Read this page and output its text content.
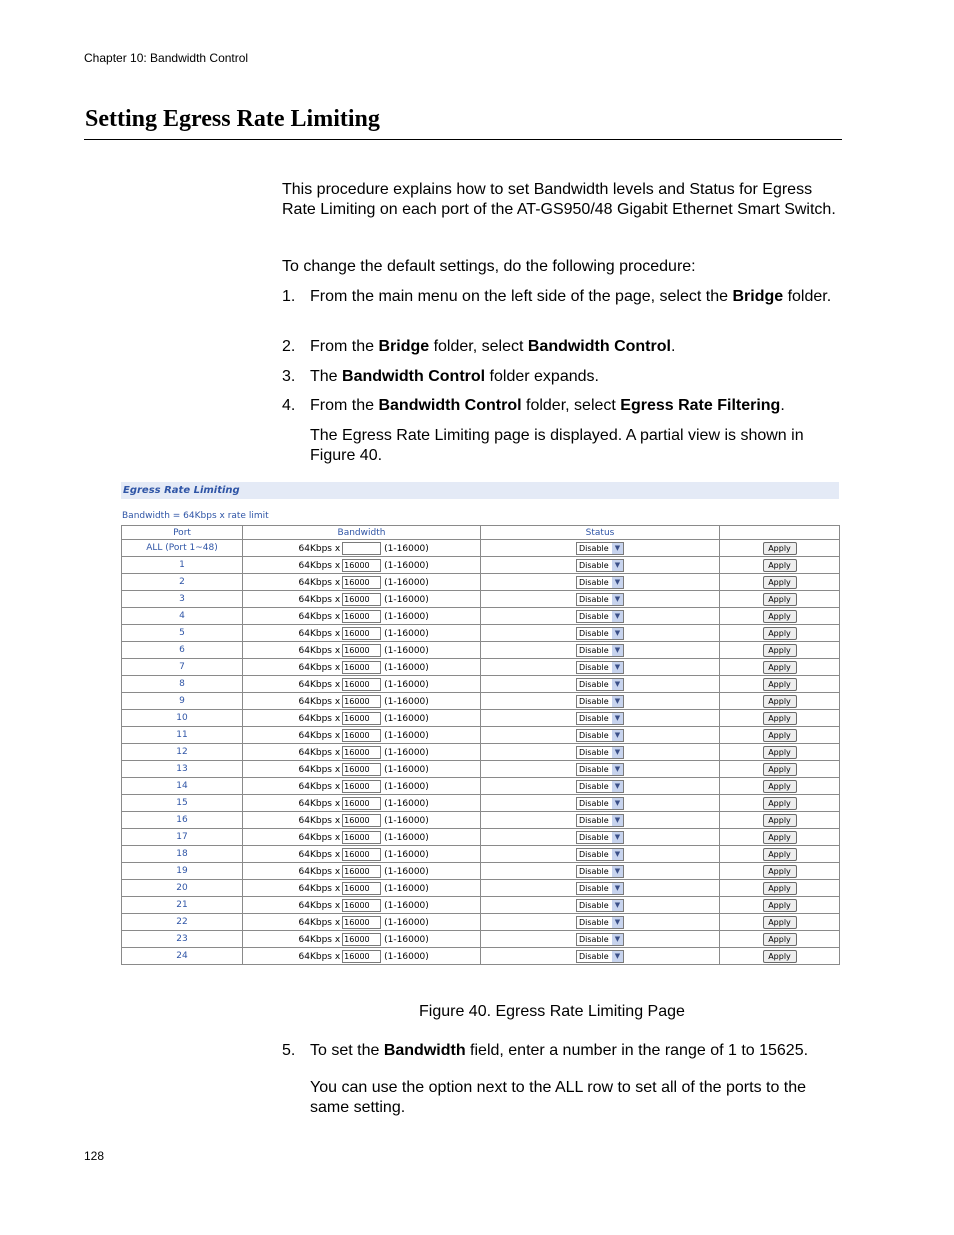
Chapter 10: Bandwidth Control
Setting Egress Rate Limiting

This procedure explains how to set Bandwidth levels and Status for Egress Rate Limiting on each port of the AT-GS950/48 Gigabit Ethernet Smart Switch.

To change the default settings, do the following procedure:

1. From the main menu on the left side of the page, select the Bridge folder.
2. From the Bridge folder, select Bandwidth Control.
3. The Bandwidth Control folder expands.
4. From the Bandwidth Control folder, select Egress Rate Filtering.

The Egress Rate Limiting page is displayed. A partial view is shown in Figure 40.

Egress Rate Limiting
Bandwidth = 64Kbps x rate limit
Port	Bandwidth	Status	
ALL (Port 1~48)	64Kbps x (1-16000)	Disable ▼	Apply
1	64Kbps x 16000 (1-16000)	Disable ▼	Apply
2	64Kbps x 16000 (1-16000)	Disable ▼	Apply
3	64Kbps x 16000 (1-16000)	Disable ▼	Apply
4	64Kbps x 16000 (1-16000)	Disable ▼	Apply
5	64Kbps x 16000 (1-16000)	Disable ▼	Apply
6	64Kbps x 16000 (1-16000)	Disable ▼	Apply
7	64Kbps x 16000 (1-16000)	Disable ▼	Apply
8	64Kbps x 16000 (1-16000)	Disable ▼	Apply
9	64Kbps x 16000 (1-16000)	Disable ▼	Apply
10	64Kbps x 16000 (1-16000)	Disable ▼	Apply
11	64Kbps x 16000 (1-16000)	Disable ▼	Apply
12	64Kbps x 16000 (1-16000)	Disable ▼	Apply
13	64Kbps x 16000 (1-16000)	Disable ▼	Apply
14	64Kbps x 16000 (1-16000)	Disable ▼	Apply
15	64Kbps x 16000 (1-16000)	Disable ▼	Apply
16	64Kbps x 16000 (1-16000)	Disable ▼	Apply
17	64Kbps x 16000 (1-16000)	Disable ▼	Apply
18	64Kbps x 16000 (1-16000)	Disable ▼	Apply
19	64Kbps x 16000 (1-16000)	Disable ▼	Apply
20	64Kbps x 16000 (1-16000)	Disable ▼	Apply
21	64Kbps x 16000 (1-16000)	Disable ▼	Apply
22	64Kbps x 16000 (1-16000)	Disable ▼	Apply
23	64Kbps x 16000 (1-16000)	Disable ▼	Apply
24	64Kbps x 16000 (1-16000)	Disable ▼	Apply
Figure 40. Egress Rate Limiting Page
5. To set the Bandwidth field, enter a number in the range of 1 to 15625.

You can use the option next to the ALL row to set all of the ports to the same setting.

128
